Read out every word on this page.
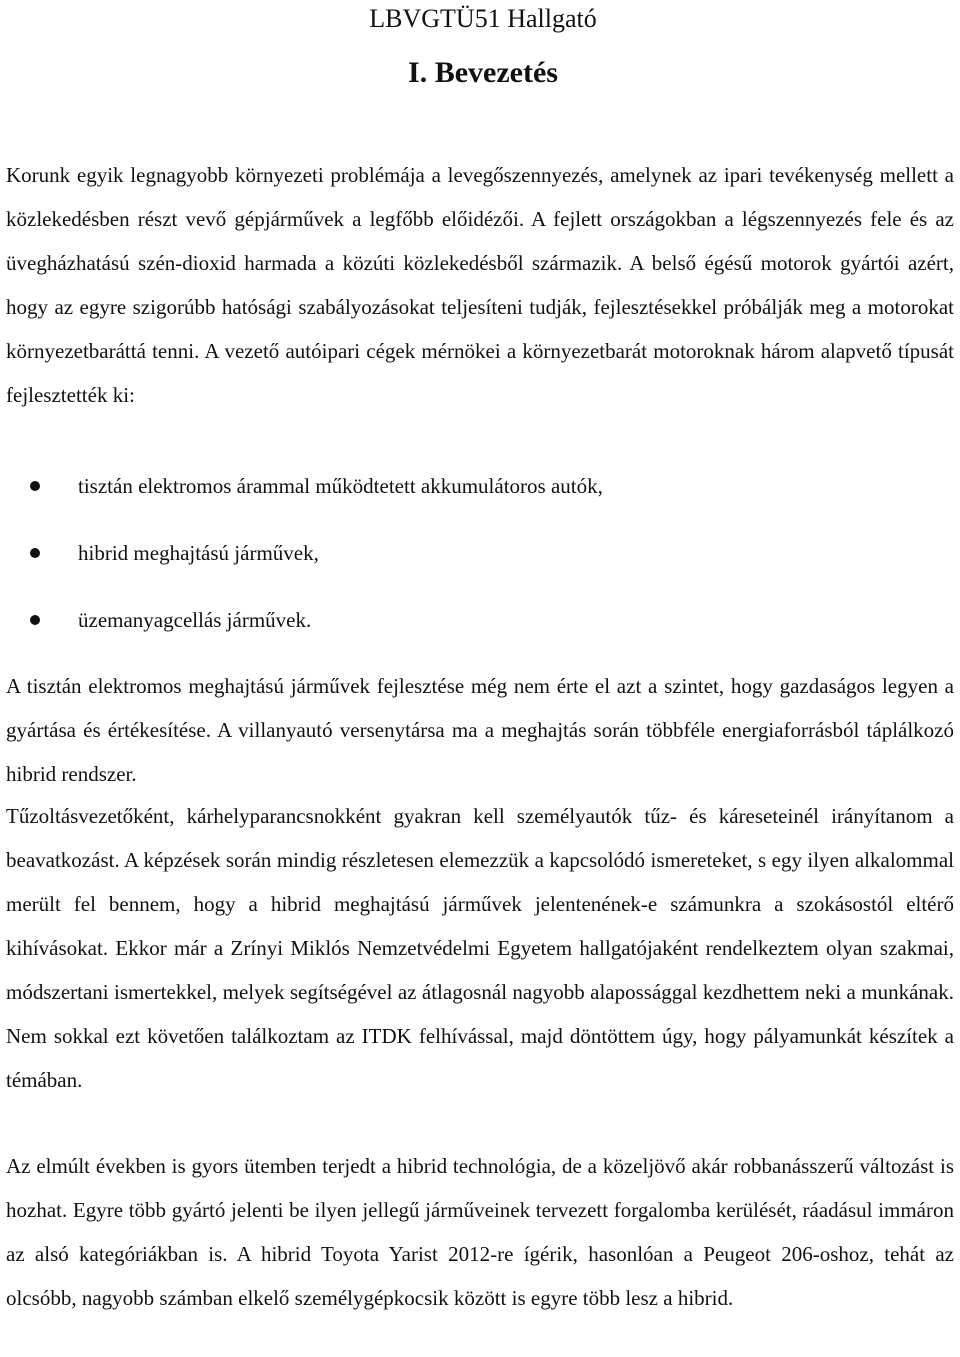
LBVGTÜ51 Hallgató
I. Bevezetés

Korunk egyik legnagyobb környezeti problémája a levegőszennyezés, amelynek az ipari tevékenység mellett a közlekedésben részt vevő gépjárművek a legfőbb előidézői. A fejlett országokban a légszennyezés fele és az üvegházhatású szén-dioxid harmada a közúti közlekedésből származik. A belső égésű motorok gyártói azért, hogy az egyre szigorúbb hatósági szabályozásokat teljesíteni tudják, fejlesztésekkel próbálják meg a motorokat környezetbaráttá tenni. A vezető autóipari cégek mérnökei a környezetbarát motoroknak három alapvető típusát fejlesztették ki:

tisztán elektromos árammal működtetett akkumulátoros autók,
hibrid meghajtású járművek,
üzemanyagcellás járművek.

A tisztán elektromos meghajtású járművek fejlesztése még nem érte el azt a szintet, hogy gazdaságos legyen a gyártása és értékesítése. A villanyautó versenytársa ma a meghajtás során többféle energiaforrásból táplálkozó hibrid rendszer.

Tűzoltásvezetőként, kárhelyparancsnokként gyakran kell személyautók tűz- és káreseteinél irányítanom a beavatkozást. A képzések során mindig részletesen elemezzük a kapcsolódó ismereteket, s egy ilyen alkalommal merült fel bennem, hogy a hibrid meghajtású járművek jelentenének-e számunkra a szokásostól eltérő kihívásokat. Ekkor már a Zrínyi Miklós Nemzetvédelmi Egyetem hallgatójaként rendelkeztem olyan szakmai, módszertani ismertekkel, melyek segítségével az átlagosnál nagyobb alapossággal kezdhettem neki a munkának. Nem sokkal ezt követően találkoztam az ITDK felhívással, majd döntöttem úgy, hogy pályamunkát készítek a témában.

Az elmúlt években is gyors ütemben terjedt a hibrid technológia, de a közeljövő akár robbanásszerű változást is hozhat. Egyre több gyártó jelenti be ilyen jellegű járműveinek tervezett forgalomba kerülését, ráadásul immáron az alsó kategóriákban is. A hibrid Toyota Yarist 2012-re ígérik, hasonlóan a Peugeot 206-oshoz, tehát az olcsóbb, nagyobb számban elkelő személygépkocsik között is egyre több lesz a hibrid.
